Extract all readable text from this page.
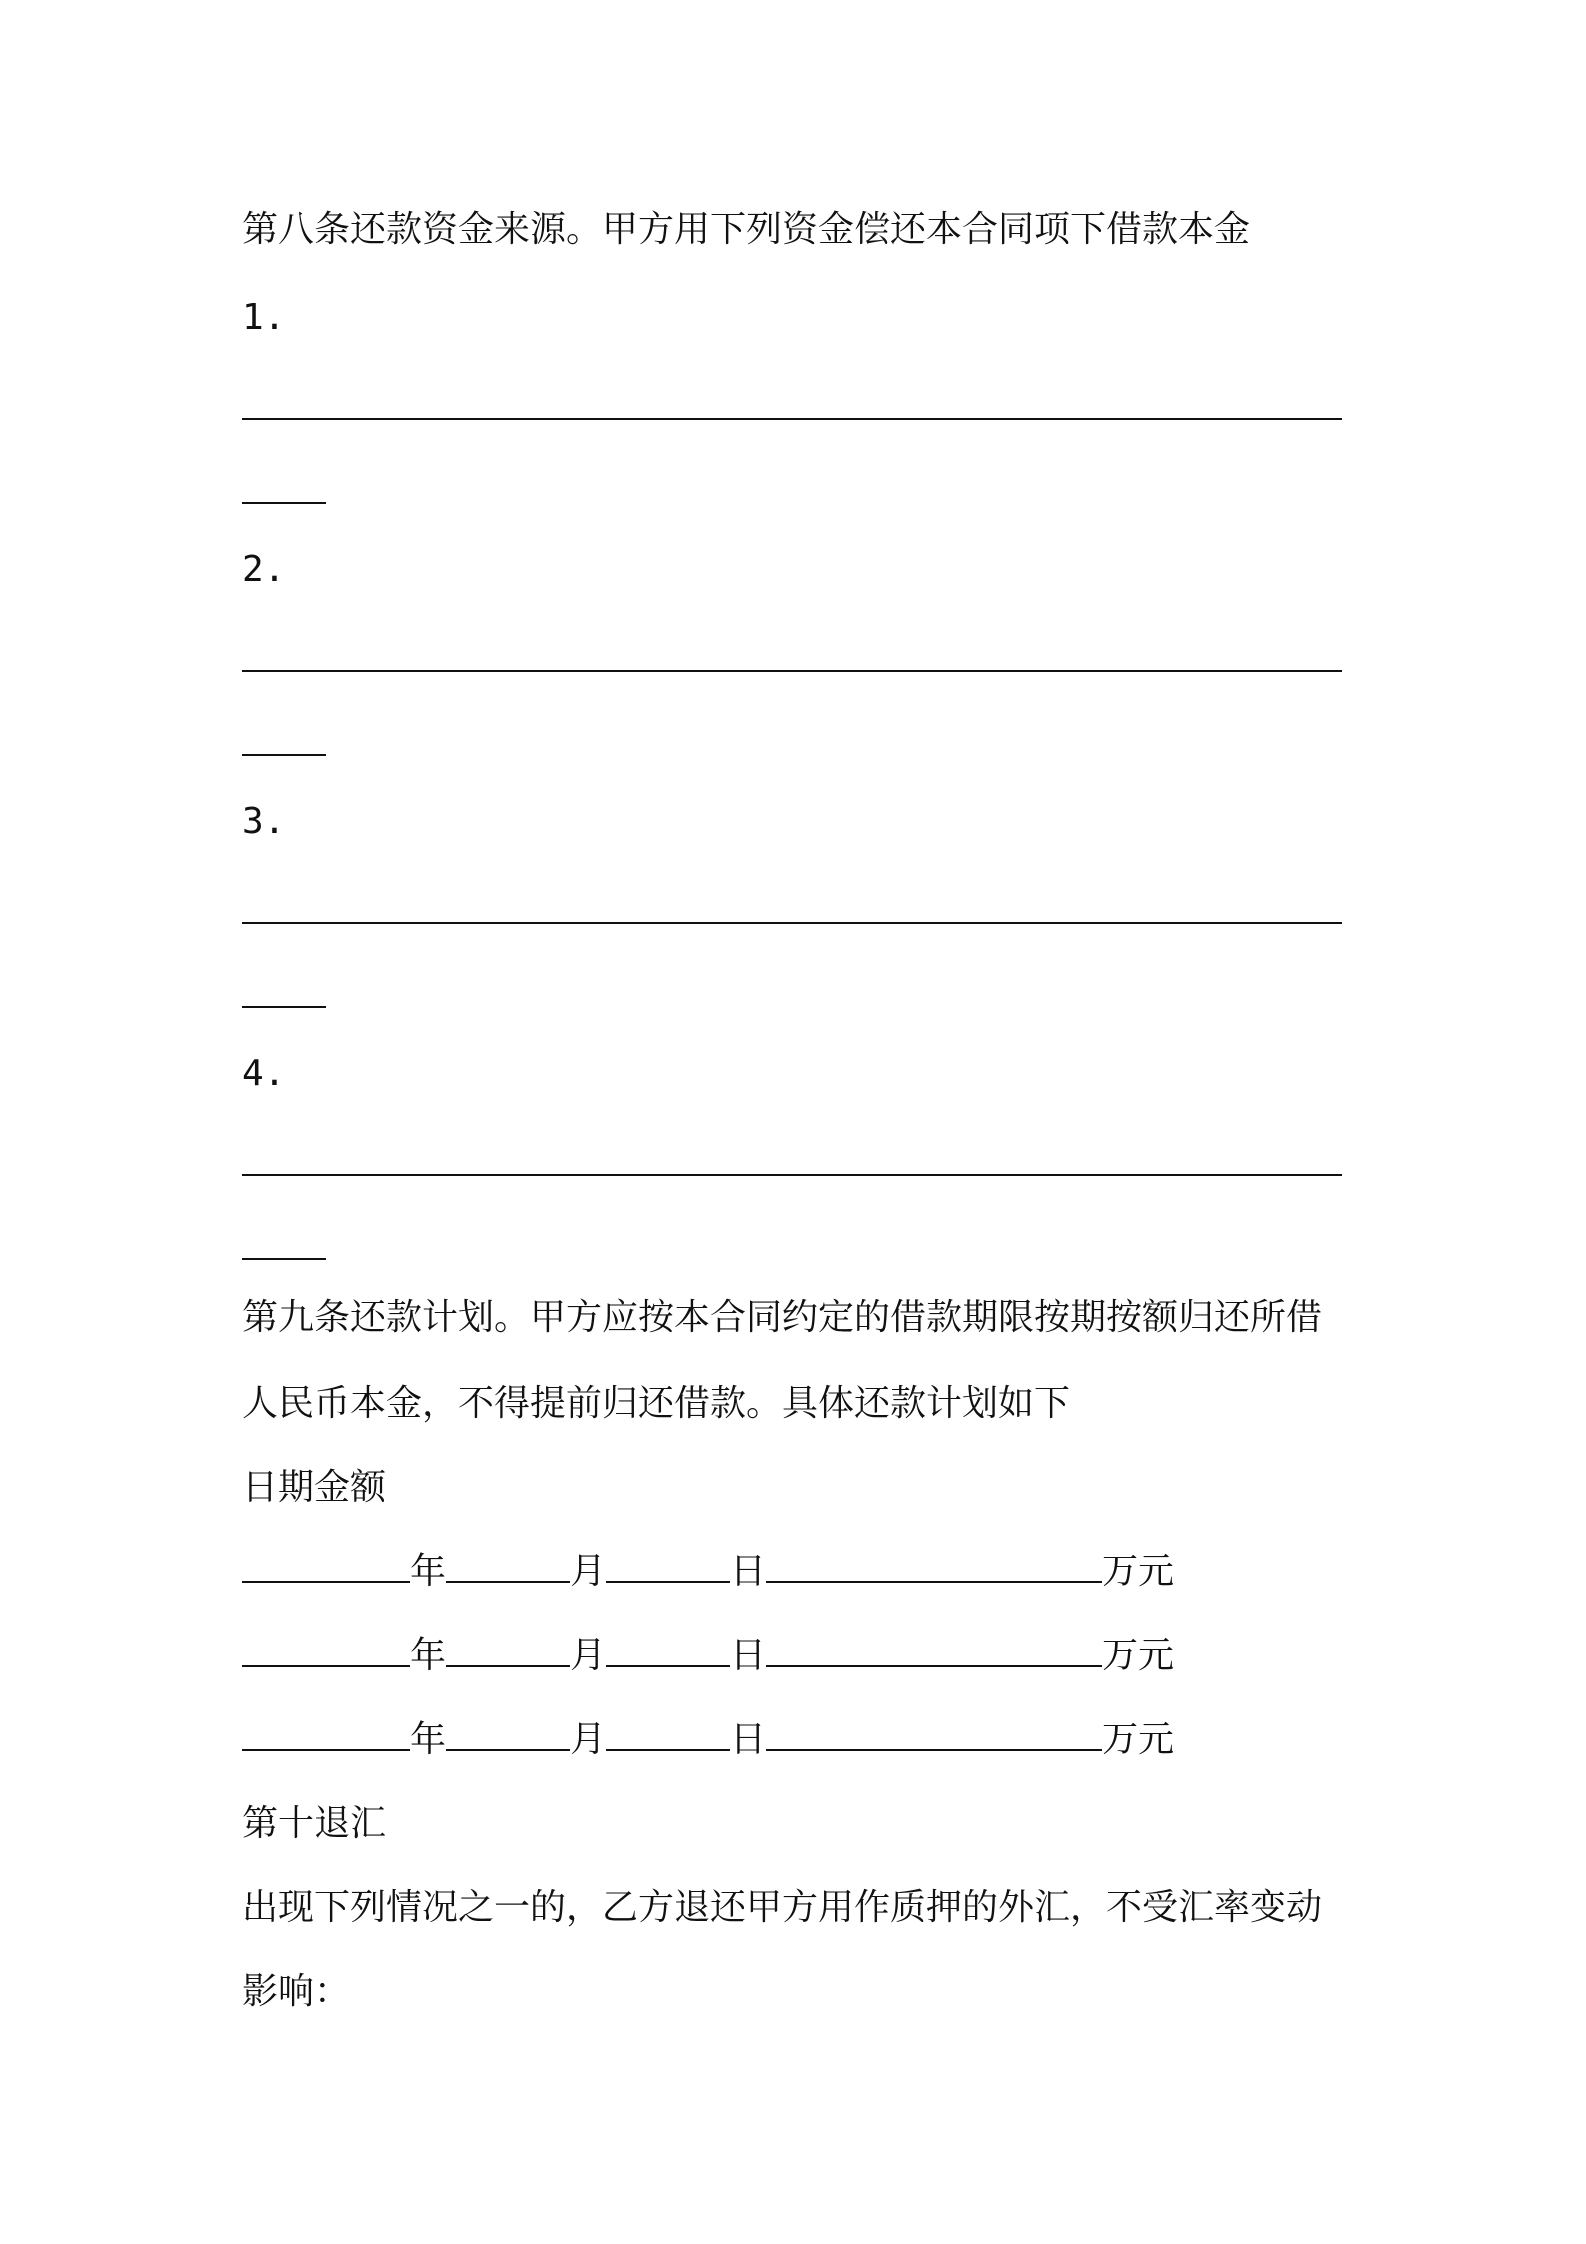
第八条还款资金来源。甲方用下列资金偿还本合同项下借款本金

1.

2.

3.

4.

第九条还款计划。甲方应按本合同约定的借款期限按期按额归还所借

人民币本金，不得提前归还借款。具体还款计划如下

日期金额

年	月	日	万元

年	月	日	万元

年	月	日	万元

第十退汇

出现下列情况之一的，乙方退还甲方用作质押的外汇，不受汇率变动

影响：
